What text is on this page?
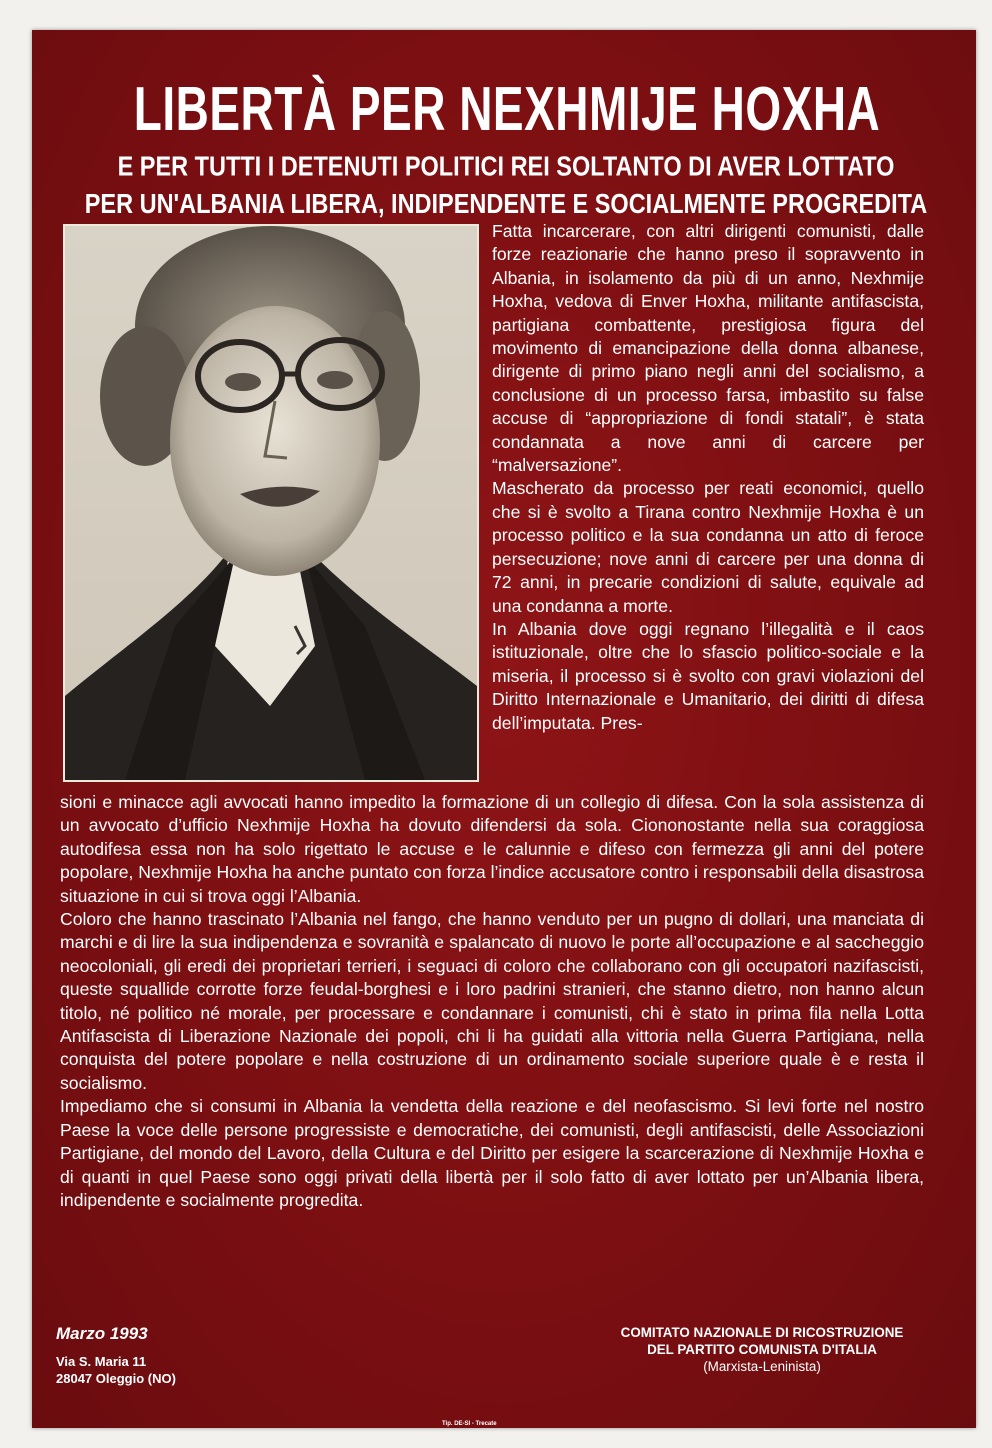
LIBERTÀ PER NEXHMIJE HOXHA
E PER TUTTI I DETENUTI POLITICI REI SOLTANTO DI AVER LOTTATO
PER UN'ALBANIA LIBERA, INDIPENDENTE E SOCIALMENTE PROGREDITA

Fatta incarcerare, con altri dirigenti comunisti, dalle forze reazionarie che hanno preso il sopravvento in Albania, in isolamento da più di un anno, Nexhmije Hoxha, vedova di Enver Hoxha, militante antifascista, partigiana combattente, prestigiosa figura del movimento di emancipazione della donna albanese, dirigente di primo piano negli anni del socialismo, a conclusione di un processo farsa, imbastito su false accuse di “appropriazione di fondi statali”, è stata condannata a nove anni di carcere per “malversazione”.

Mascherato da processo per reati economici, quello che si è svolto a Tirana contro Nexhmije Hoxha è un processo politico e la sua condanna un atto di feroce persecuzione; nove anni di carcere per una donna di 72 anni, in precarie condizioni di salute, equivale ad una condanna a morte.

In Albania dove oggi regnano l’illegalità e il caos istituzionale, oltre che lo sfascio politico-sociale e la miseria, il processo si è svolto con gravi violazioni del Diritto Internazionale e Umanitario, dei diritti di difesa dell’imputata. Pres-

sioni e minacce agli avvocati hanno impedito la formazione di un collegio di difesa. Con la sola assistenza di un avvocato d’ufficio Nexhmije Hoxha ha dovuto difendersi da sola. Ciononostante nella sua coraggiosa autodifesa essa non ha solo rigettato le accuse e le calunnie e difeso con fermezza gli anni del potere popolare, Nexhmije Hoxha ha anche puntato con forza l’indice accusatore contro i responsabili della disastrosa situazione in cui si trova oggi l’Albania.

Coloro che hanno trascinato l’Albania nel fango, che hanno venduto per un pugno di dollari, una manciata di marchi e di lire la sua indipendenza e sovranità e spalancato di nuovo le porte all’occupazione e al saccheggio neocoloniali, gli eredi dei proprietari terrieri, i seguaci di coloro che collaborano con gli occupatori nazifascisti, queste squallide corrotte forze feudal-borghesi e i loro padrini stranieri, che stanno dietro, non hanno alcun titolo, né politico né morale, per processare e condannare i comunisti, chi è stato in prima fila nella Lotta Antifascista di Liberazione Nazionale dei popoli, chi li ha guidati alla vittoria nella Guerra Partigiana, nella conquista del potere popolare e nella costruzione di un ordinamento sociale superiore quale è e resta il socialismo.

Impediamo che si consumi in Albania la vendetta della reazione e del neofascismo. Si levi forte nel nostro Paese la voce delle persone progressiste e democratiche, dei comunisti, degli antifascisti, delle Associazioni Partigiane, del mondo del Lavoro, della Cultura e del Diritto per esigere la scarcerazione di Nexhmije Hoxha e di quanti in quel Paese sono oggi privati della libertà per il solo fatto di aver lottato per un’Albania libera, indipendente e socialmente progredita.

Marzo 1993
Via S. Maria 11
28047 Oleggio (NO)
COMITATO NAZIONALE DI RICOSTRUZIONE
DEL PARTITO COMUNISTA D'ITALIA
(Marxista-Leninista)
Tip. DE-SI - Trecate
